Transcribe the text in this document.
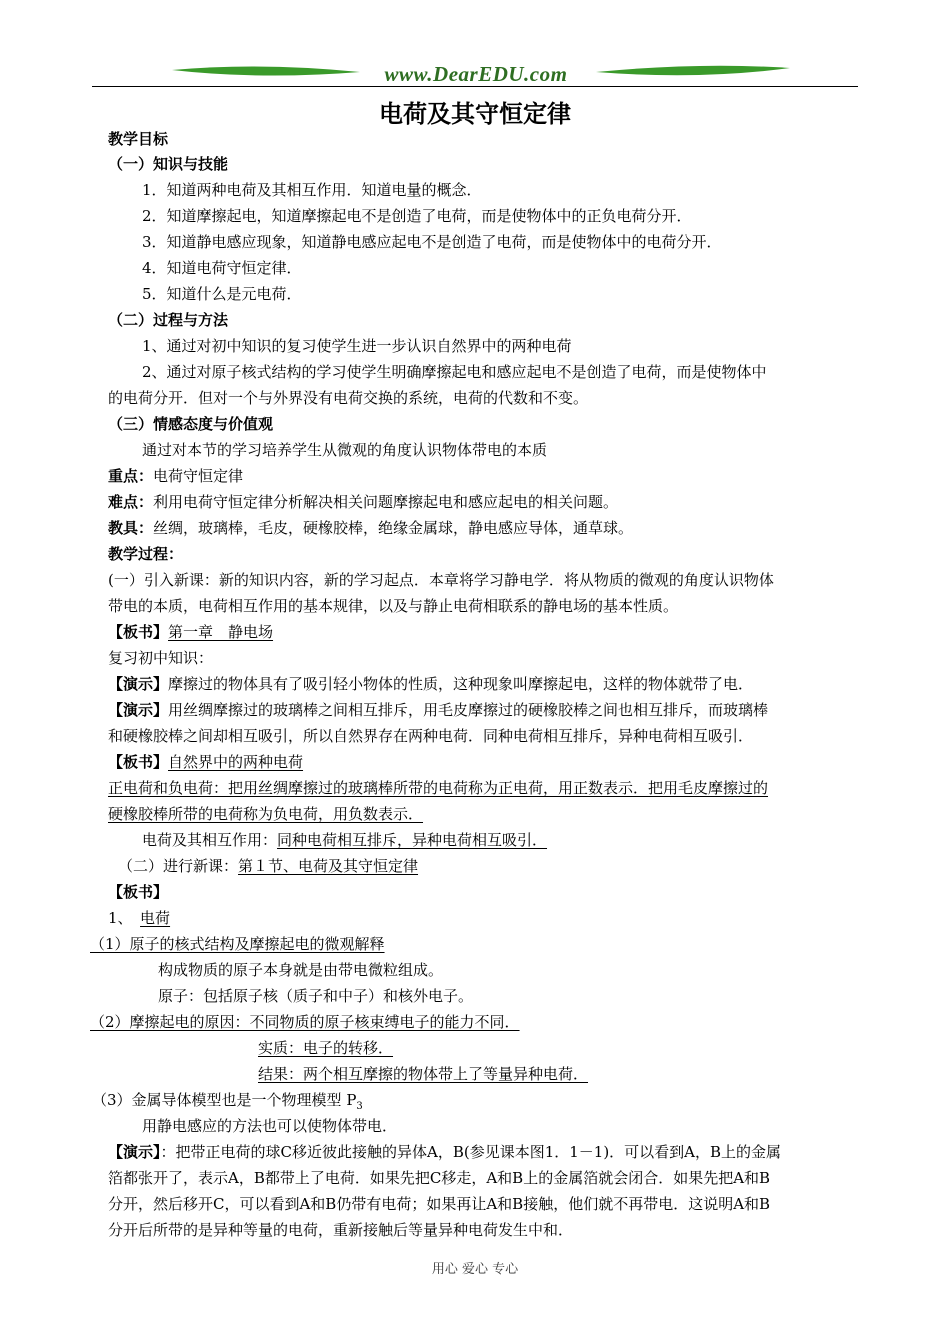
www.DearEDU.com
电荷及其守恒定律
教学目标
（一）知识与技能
1．知道两种电荷及其相互作用．知道电量的概念．
2．知道摩擦起电，知道摩擦起电不是创造了电荷，而是使物体中的正负电荷分开．
3．知道静电感应现象，知道静电感应起电不是创造了电荷，而是使物体中的电荷分开．
4．知道电荷守恒定律．
5．知道什么是元电荷．
（二）过程与方法
1、通过对初中知识的复习使学生进一步认识自然界中的两种电荷
2、通过对原子核式结构的学习使学生明确摩擦起电和感应起电不是创造了电荷，而是使物体中
的电荷分开．但对一个与外界没有电荷交换的系统，电荷的代数和不变。
（三）情感态度与价值观
通过对本节的学习培养学生从微观的角度认识物体带电的本质
重点：电荷守恒定律
难点：利用电荷守恒定律分析解决相关问题摩擦起电和感应起电的相关问题。
教具：丝绸，玻璃棒，毛皮，硬橡胶棒，绝缘金属球，静电感应导体，通草球。
教学过程：
(一）引入新课：新的知识内容，新的学习起点．本章将学习静电学．将从物质的微观的角度认识物体
带电的本质，电荷相互作用的基本规律，以及与静止电荷相联系的静电场的基本性质。
【板书】第一章　静电场
复习初中知识：
【演示】摩擦过的物体具有了吸引轻小物体的性质，这种现象叫摩擦起电，这样的物体就带了电．
【演示】用丝绸摩擦过的玻璃棒之间相互排斥，用毛皮摩擦过的硬橡胶棒之间也相互排斥，而玻璃棒
和硬橡胶棒之间却相互吸引，所以自然界存在两种电荷．同种电荷相互排斥，异种电荷相互吸引．
【板书】自然界中的两种电荷
正电荷和负电荷：把用丝绸摩擦过的玻璃棒所带的电荷称为正电荷，用正数表示．把用毛皮摩擦过的
硬橡胶棒所带的电荷称为负电荷，用负数表示．
电荷及其相互作用：同种电荷相互排斥，异种电荷相互吸引．
（二）进行新课：第１节、电荷及其守恒定律
【板书】
1、　电荷
（1）原子的核式结构及摩擦起电的微观解释
构成物质的原子本身就是由带电微粒组成。
原子：包括原子核（质子和中子）和核外电子。
（2）摩擦起电的原因：不同物质的原子核束缚电子的能力不同．
实质：电子的转移．
结果：两个相互摩擦的物体带上了等量异种电荷．
（3）金属导体模型也是一个物理模型 $P_3$
用静电感应的方法也可以使物体带电．
【演示】：把带正电荷的球C移近彼此接触的异体A，B(参见课本图1．1－1)．可以看到A，B上的金属
箔都张开了，表示A，B都带上了电荷．如果先把C移走，A和B上的金属箔就会闭合．如果先把A和B
分开，然后移开C，可以看到A和B仍带有电荷；如果再让A和B接触，他们就不再带电．这说明A和B
分开后所带的是异种等量的电荷，重新接触后等量异种电荷发生中和．
用心 爱心 专心
